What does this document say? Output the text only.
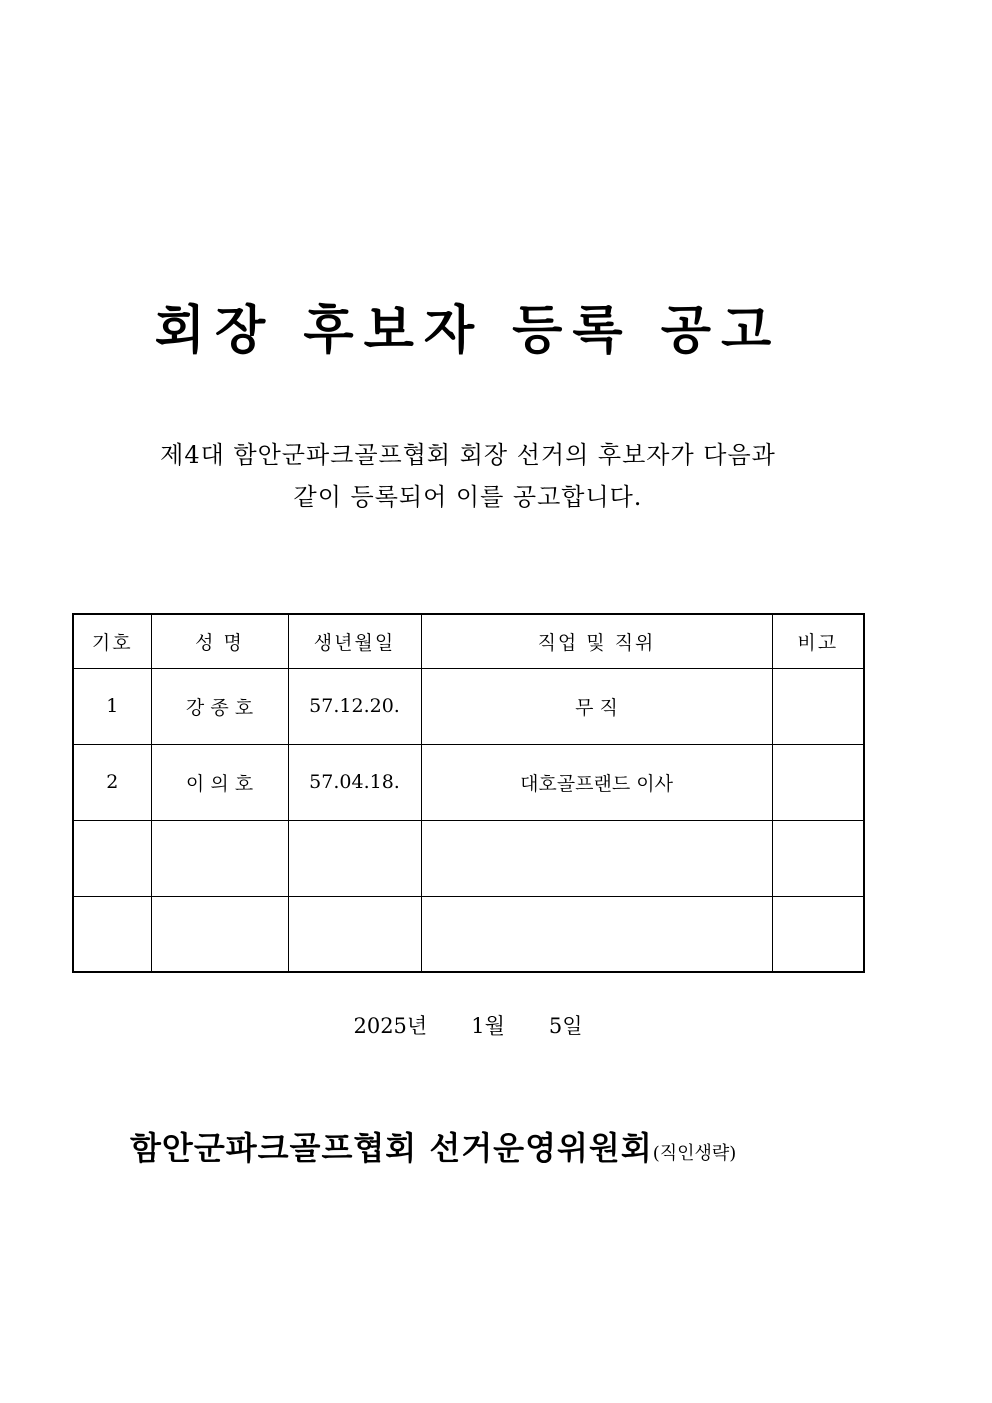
회장 후보자 등록 공고
제4대 함안군파크골프협회 회장 선거의 후보자가 다음과
같이 등록되어 이를 공고합니다.
기호	성 명	생년월일	직업 및 직위	비고
1	강 종 호	57.12.20.	무 직	
2	이 의 호	57.04.18.	대호골프랜드 이사	

2025년 1월 5일
함안군파크골프협회 선거운영위원회(직인생략)
